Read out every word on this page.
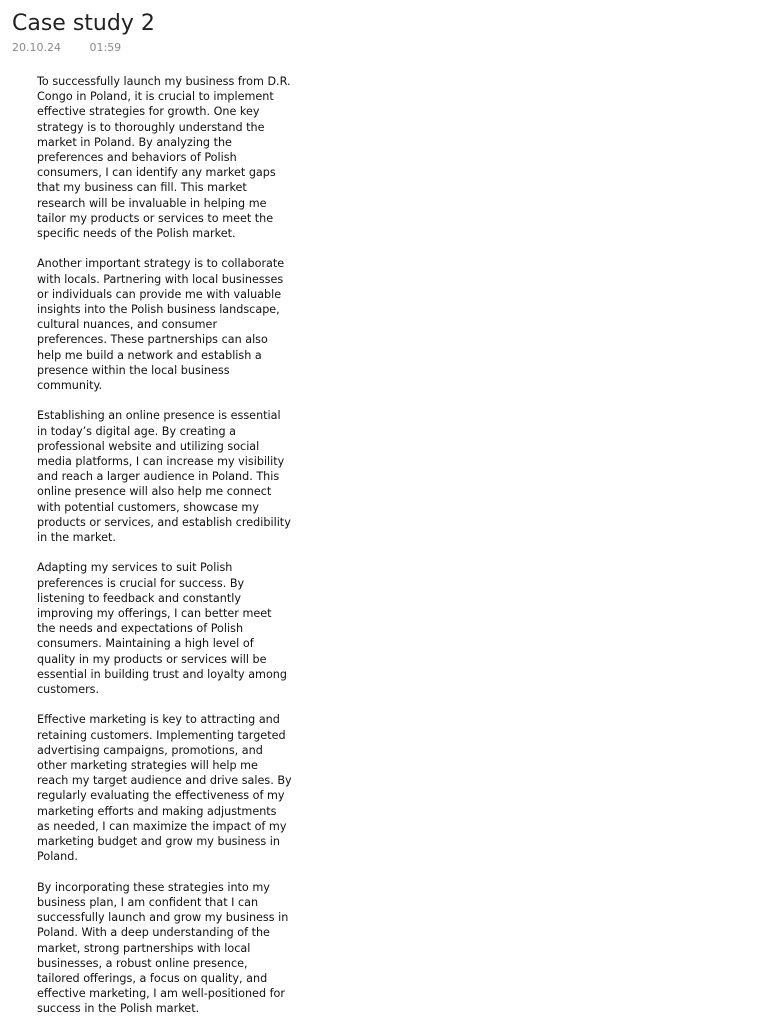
Case study 2
20.10.24	01:59

To successfully launch my business from D.R.
Congo in Poland, it is crucial to implement
effective strategies for growth. One key
strategy is to thoroughly understand the
market in Poland. By analyzing the
preferences and behaviors of Polish
consumers, I can identify any market gaps
that my business can fill. This market
research will be invaluable in helping me
tailor my products or services to meet the
specific needs of the Polish market.

Another important strategy is to collaborate
with locals. Partnering with local businesses
or individuals can provide me with valuable
insights into the Polish business landscape,
cultural nuances, and consumer
preferences. These partnerships can also
help me build a network and establish a
presence within the local business
community.

Establishing an online presence is essential
in today’s digital age. By creating a
professional website and utilizing social
media platforms, I can increase my visibility
and reach a larger audience in Poland. This
online presence will also help me connect
with potential customers, showcase my
products or services, and establish credibility
in the market.

Adapting my services to suit Polish
preferences is crucial for success. By
listening to feedback and constantly
improving my offerings, I can better meet
the needs and expectations of Polish
consumers. Maintaining a high level of
quality in my products or services will be
essential in building trust and loyalty among
customers.

Effective marketing is key to attracting and
retaining customers. Implementing targeted
advertising campaigns, promotions, and
other marketing strategies will help me
reach my target audience and drive sales. By
regularly evaluating the effectiveness of my
marketing efforts and making adjustments
as needed, I can maximize the impact of my
marketing budget and grow my business in
Poland.

By incorporating these strategies into my
business plan, I am confident that I can
successfully launch and grow my business in
Poland. With a deep understanding of the
market, strong partnerships with local
businesses, a robust online presence,
tailored offerings, a focus on quality, and
effective marketing, I am well-positioned for
success in the Polish market.
